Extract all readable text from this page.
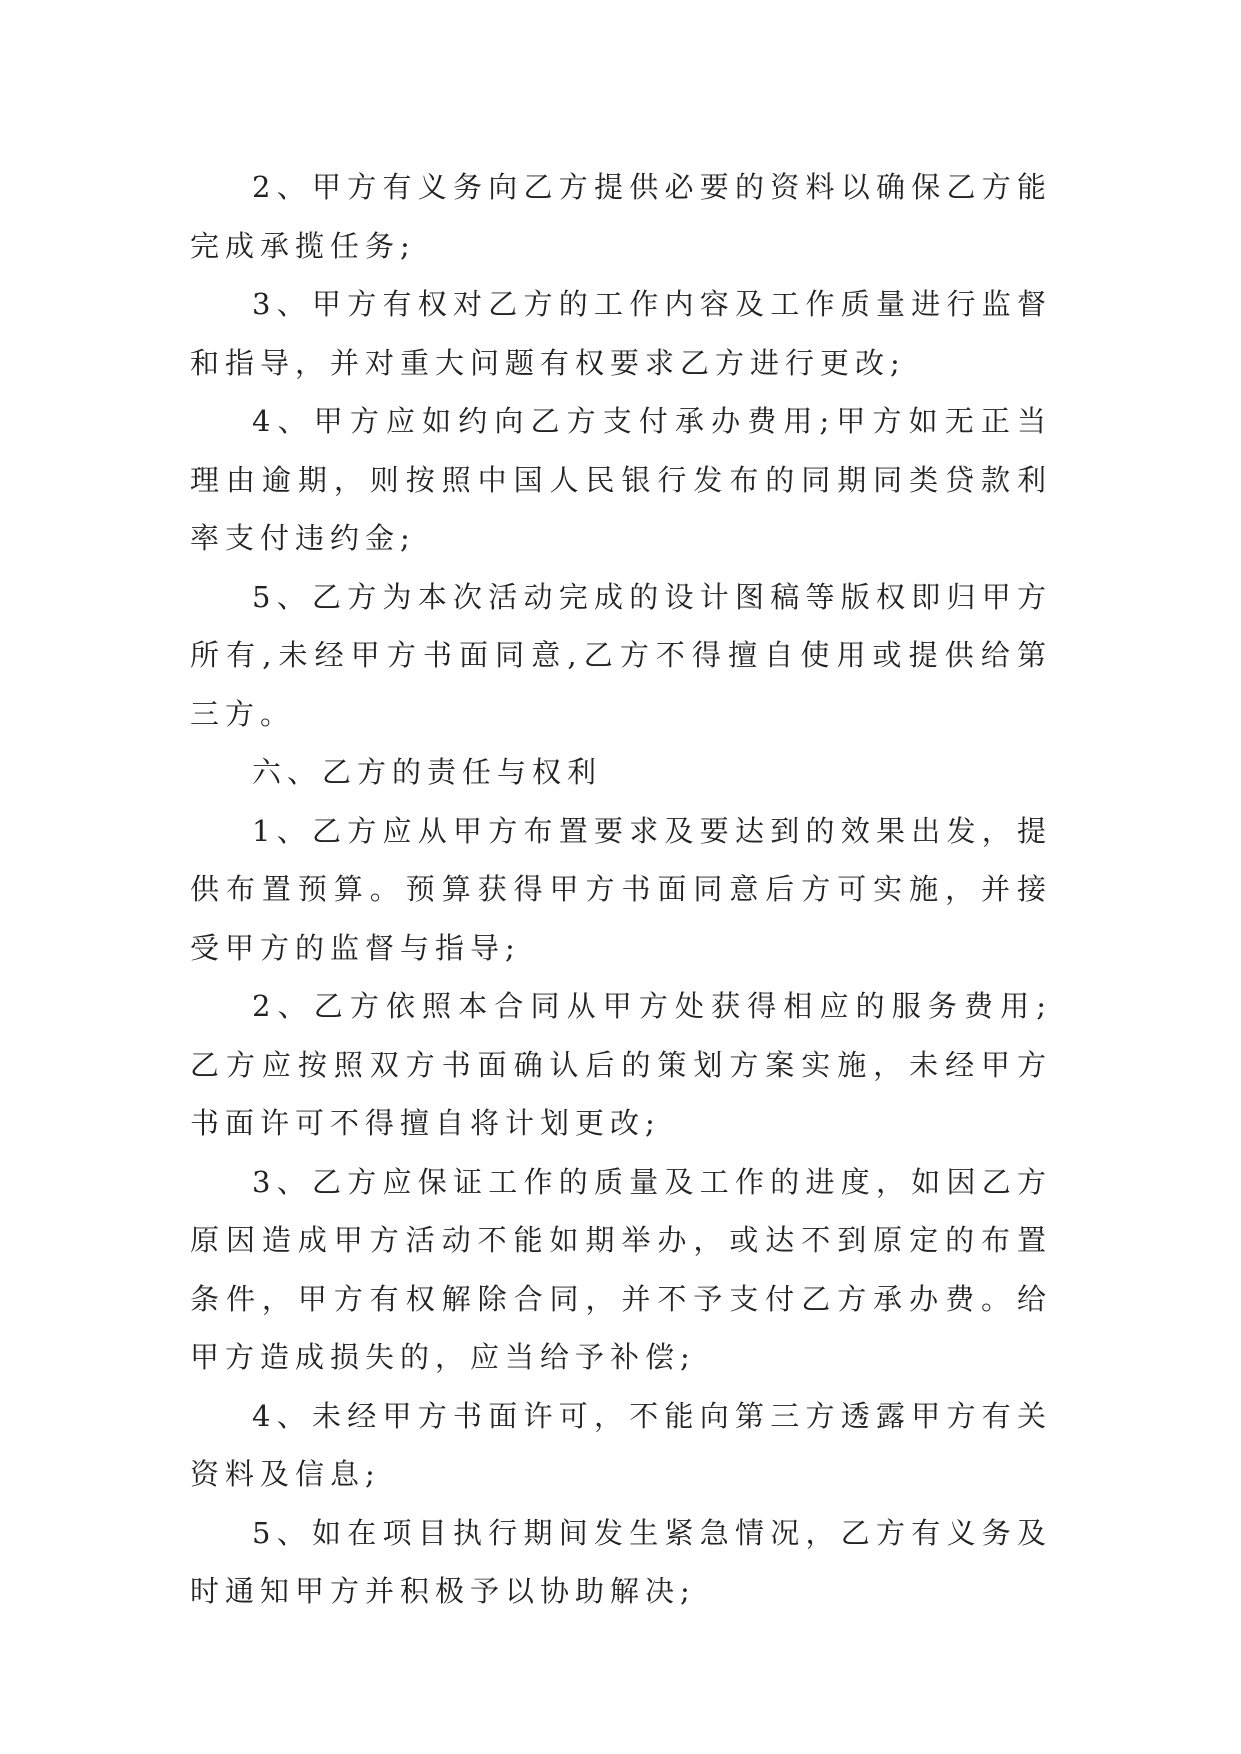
2、甲方有义务向乙方提供必要的资料以确保乙方能完成承揽任务;

3、甲方有权对乙方的工作内容及工作质量进行监督和指导，并对重大问题有权要求乙方进行更改;

4、甲方应如约向乙方支付承办费用;甲方如无正当理由逾期，则按照中国人民银行发布的同期同类贷款利率支付违约金;

5、乙方为本次活动完成的设计图稿等版权即归甲方所有,未经甲方书面同意,乙方不得擅自使用或提供给第三方。

六、乙方的责任与权利

1、乙方应从甲方布置要求及要达到的效果出发，提供布置预算。预算获得甲方书面同意后方可实施，并接受甲方的监督与指导;

2、乙方依照本合同从甲方处获得相应的服务费用;乙方应按照双方书面确认后的策划方案实施，未经甲方书面许可不得擅自将计划更改;

3、乙方应保证工作的质量及工作的进度，如因乙方原因造成甲方活动不能如期举办，或达不到原定的布置条件，甲方有权解除合同，并不予支付乙方承办费。给甲方造成损失的，应当给予补偿;

4、未经甲方书面许可，不能向第三方透露甲方有关资料及信息;

5、如在项目执行期间发生紧急情况，乙方有义务及时通知甲方并积极予以协助解决;
